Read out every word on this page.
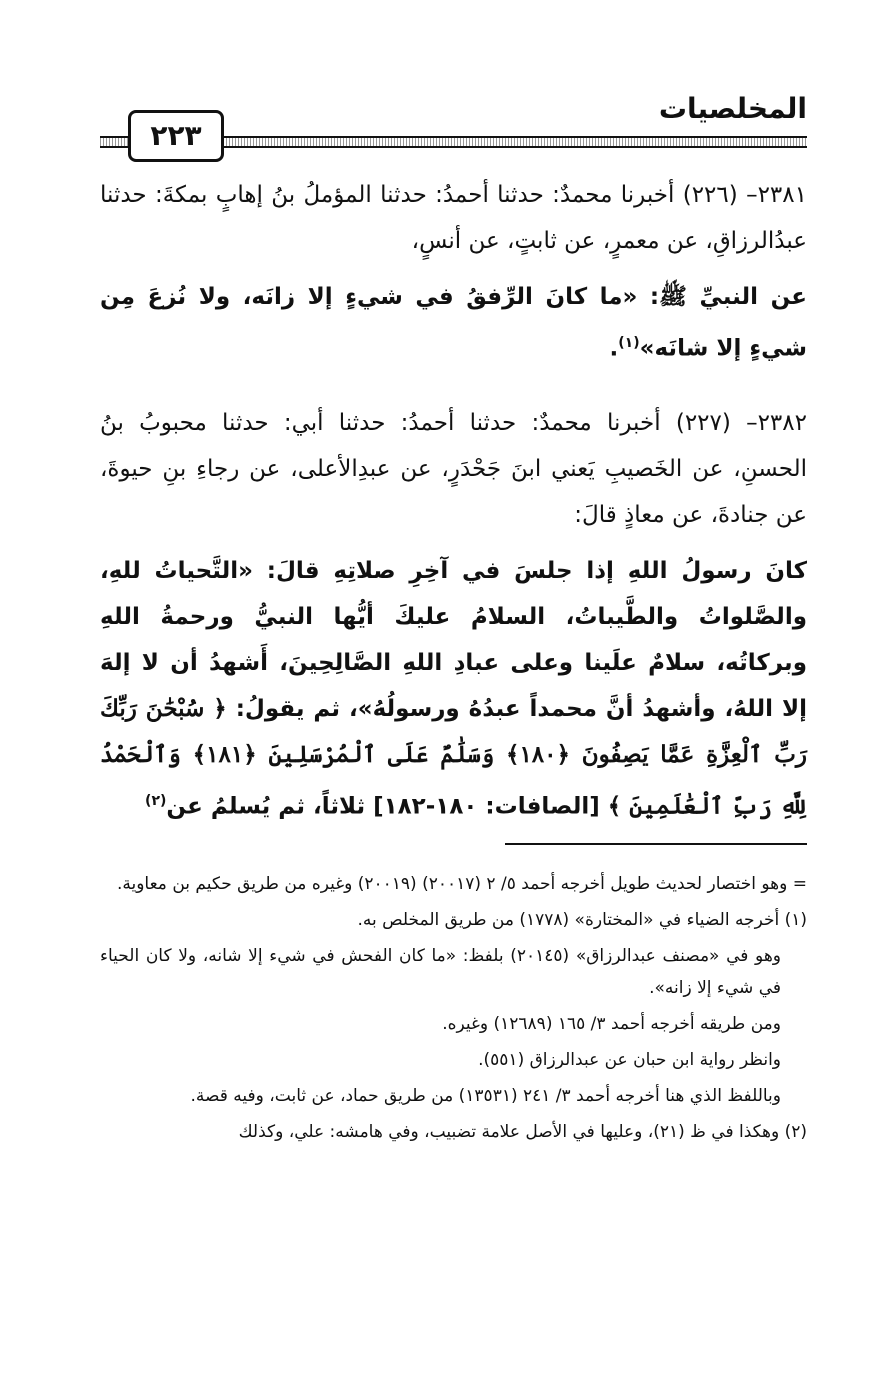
المخلصيات
٢٢٣

٢٣٨١– (٢٢٦) أخبرنا محمدٌ: حدثنا أحمدُ: حدثنا المؤملُ بنُ إهابٍ بمكةَ: حدثنا عبدُالرزاقِ، عن معمرٍ، عن ثابتٍ، عن أنسٍ،

عن النبيِّ ﷺ: «ما كانَ الرِّفقُ في شيءٍ إلا زانَه، ولا نُزعَ مِن شيءٍ إلا شانَه»$^{(١)}$.

٢٣٨٢– (٢٢٧) أخبرنا محمدٌ: حدثنا أحمدُ: حدثنا أبي: حدثنا محبوبُ بنُ الحسنِ، عن الخَصيبِ يَعني ابنَ جَحْدَرٍ، عن عبدِالأعلى، عن رجاءِ بنِ حيوةَ، عن جنادةَ، عن معاذٍ قالَ:

كانَ رسولُ اللهِ إذا جلسَ في آخِرِ صلاتِهِ قالَ: «التَّحياتُ للهِ، والصَّلواتُ والطَّيباتُ، السلامُ عليكَ أيُّها النبيُّ ورحمةُ اللهِ وبركاتُه، سلامٌ علَينا وعلى عبادِ اللهِ الصَّالِحِينَ، أَشهدُ أن لا إلهَ إلا اللهُ، وأشهدُ أنَّ محمداً عبدُهُ ورسولُهُ»، ثم يقولُ: ﴿ سُبْحَٰنَ رَبِّكَ رَبِّ ٱلْعِزَّةِ عَمَّا يَصِفُونَ ﴿١٨٠﴾ وَسَلَٰمٌ عَلَى ٱلْمُرْسَلِينَ ﴿١٨١﴾ وَٱلْحَمْدُ لِلَّهِ رَبِّ ٱلْعَٰلَمِينَ ﴾ [الصافات: ١٨٠-١٨٢] ثلاثاً، ثم يُسلمُ عن$^{(٢)}$

= وهو اختصار لحديث طويل أخرجه أحمد ٥/ ٢ (٢٠٠١٧) (٢٠٠١٩) وغيره من طريق حكيم بن معاوية.

(١) أخرجه الضياء في «المختارة» (١٧٧٨) من طريق المخلص به.

وهو في «مصنف عبدالرزاق» (٢٠١٤٥) بلفظ: «ما كان الفحش في شيء إلا شانه، ولا كان الحياء في شيء إلا زانه».

ومن طريقه أخرجه أحمد ٣/ ١٦٥ (١٢٦٨٩) وغيره.

وانظر رواية ابن حبان عن عبدالرزاق (٥٥١).

وباللفظ الذي هنا أخرجه أحمد ٣/ ٢٤١ (١٣٥٣١) من طريق حماد، عن ثابت، وفيه قصة.

(٢) وهكذا في ظ (٢١)، وعليها في الأصل علامة تضبيب، وفي هامشه: علي، وكذلك
